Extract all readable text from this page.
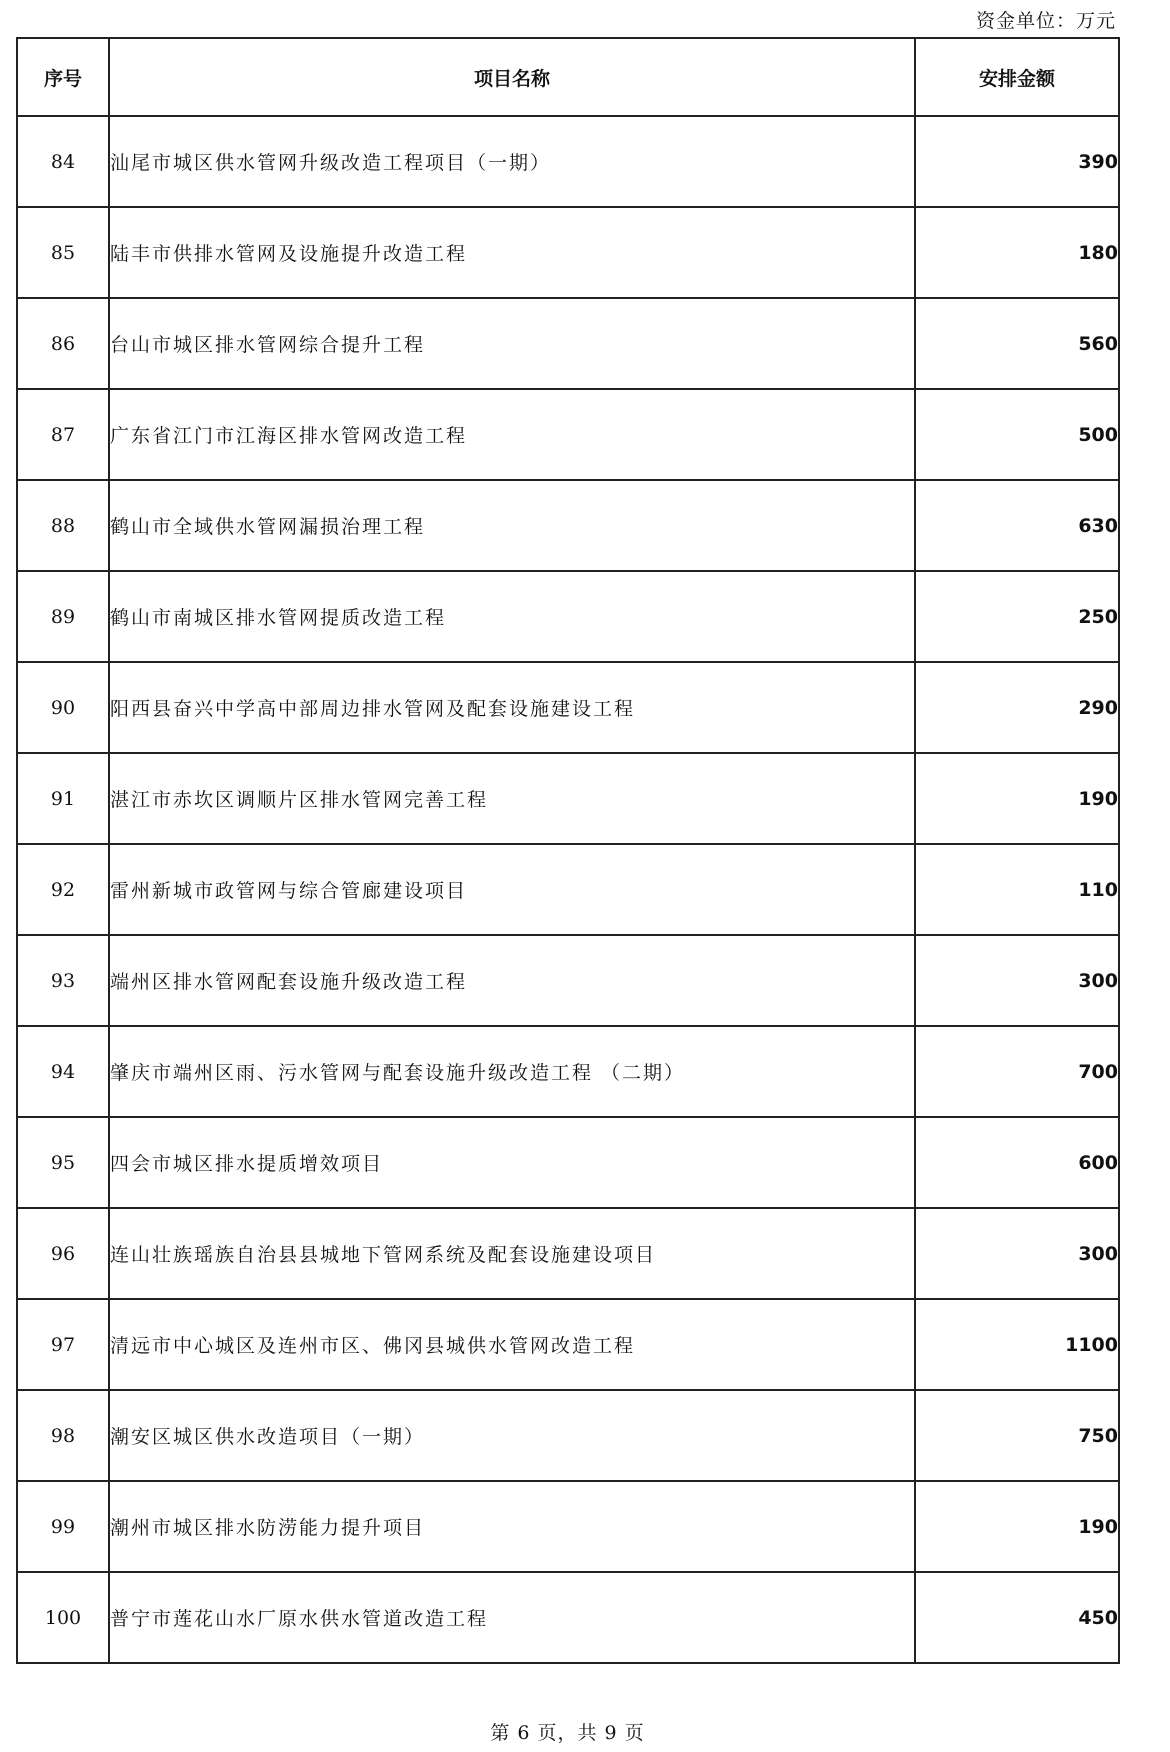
资金单位：万元
序号	项目名称	安排金额
84	汕尾市城区供水管网升级改造工程项目（一期）	390
85	陆丰市供排水管网及设施提升改造工程	180
86	台山市城区排水管网综合提升工程	560
87	广东省江门市江海区排水管网改造工程	500
88	鹤山市全域供水管网漏损治理工程	630
89	鹤山市南城区排水管网提质改造工程	250
90	阳西县奋兴中学高中部周边排水管网及配套设施建设工程	290
91	湛江市赤坎区调顺片区排水管网完善工程	190
92	雷州新城市政管网与综合管廊建设项目	110
93	端州区排水管网配套设施升级改造工程	300
94	肇庆市端州区雨、污水管网与配套设施升级改造工程 （二期）	700
95	四会市城区排水提质增效项目	600
96	连山壮族瑶族自治县县城地下管网系统及配套设施建设项目	300
97	清远市中心城区及连州市区、佛冈县城供水管网改造工程	1100
98	潮安区城区供水改造项目（一期）	750
99	潮州市城区排水防涝能力提升项目	190
100	普宁市莲花山水厂原水供水管道改造工程	450
第 6 页，共 9 页
